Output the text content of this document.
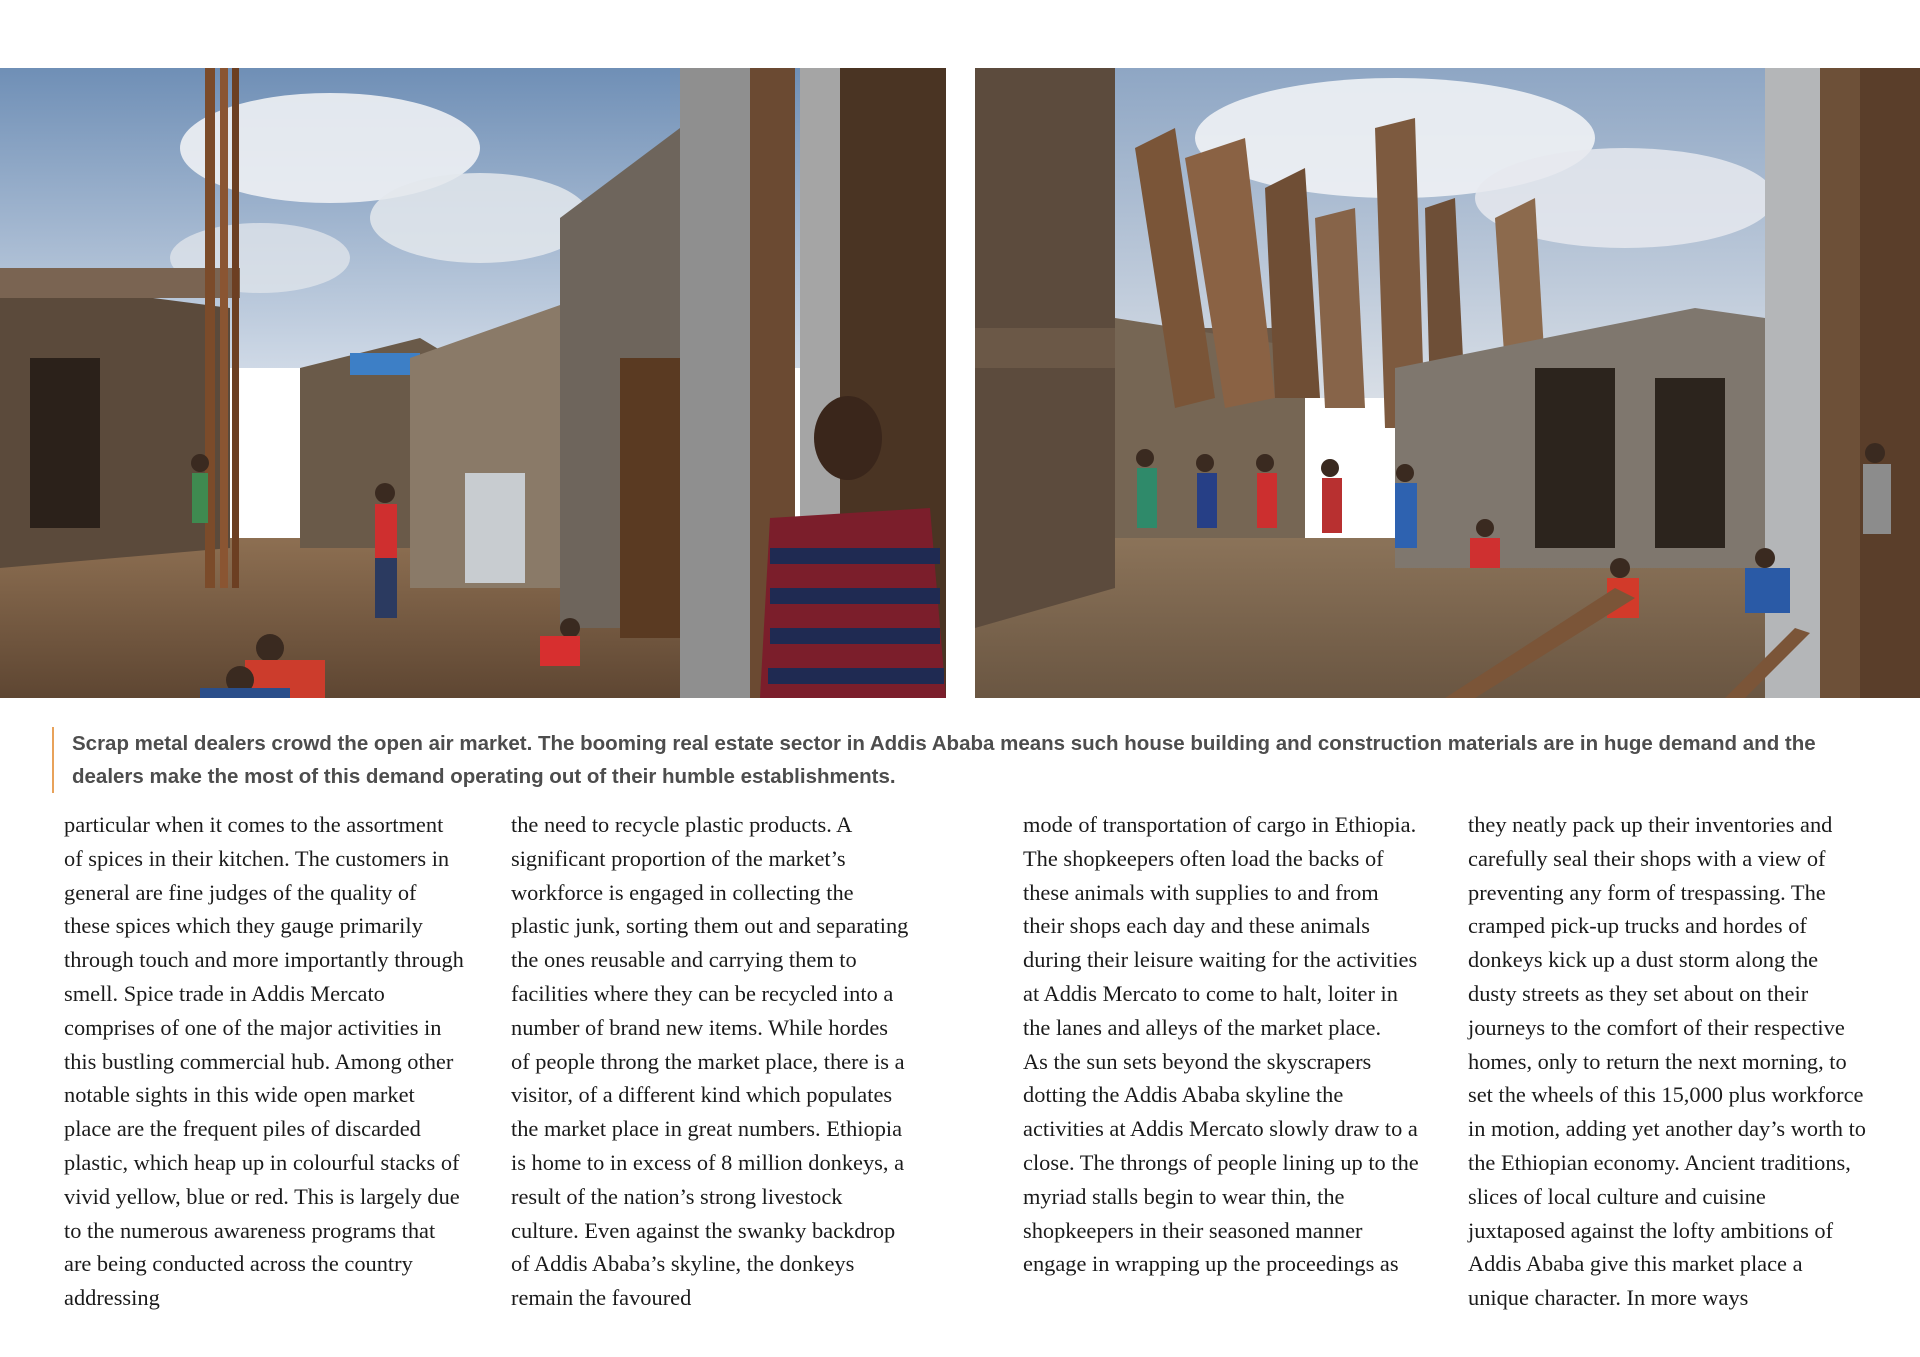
Scrap metal dealers crowd the open air market. The booming real estate sector in Addis Ababa means such house building and construction materials are in huge demand and the dealers make the most of this demand operating out of their humble establishments.

particular when it comes to the assortment of spices in their kitchen. The customers in general are fine judges of the quality of these spices which they gauge primarily through touch and more importantly through smell. Spice trade in Addis Mercato comprises of one of the major activities in this bustling commercial hub. Among other notable sights in this wide open market place are the frequent piles of discarded plastic, which heap up in colourful stacks of vivid yellow, blue or red. This is largely due to the numerous awareness programs that are being conducted across the country addressing

the need to recycle plastic products. A significant proportion of the market’s workforce is engaged in collecting the plastic junk, sorting them out and separating the ones reusable and carrying them to facilities where they can be recycled into a number of brand new items. While hordes of people throng the market place, there is a visitor, of a different kind which populates the market place in great numbers. Ethiopia is home to in excess of 8 million donkeys, a result of the nation’s strong livestock culture. Even against the swanky backdrop of Addis Ababa’s skyline, the donkeys remain the favoured

mode of transportation of cargo in Ethiopia. The shopkeepers often load the backs of these animals with supplies to and from their shops each day and these animals during their leisure waiting for the activities at Addis Mercato to come to halt, loiter in the lanes and alleys of the market place.

As the sun sets beyond the skyscrapers dotting the Addis Ababa skyline the activities at Addis Mercato slowly draw to a close. The throngs of people lining up to the myriad stalls begin to wear thin, the shopkeepers in their seasoned manner engage in wrapping up the proceedings as

they neatly pack up their inventories and carefully seal their shops with a view of preventing any form of trespassing. The cramped pick-up trucks and hordes of donkeys kick up a dust storm along the dusty streets as they set about on their journeys to the comfort of their respective homes, only to return the next morning, to set the wheels of this 15,000 plus workforce in motion, adding yet another day’s worth to the Ethiopian economy. Ancient traditions, slices of local culture and cuisine juxtaposed against the lofty ambitions of Addis Ababa give this market place a unique character. In more ways
